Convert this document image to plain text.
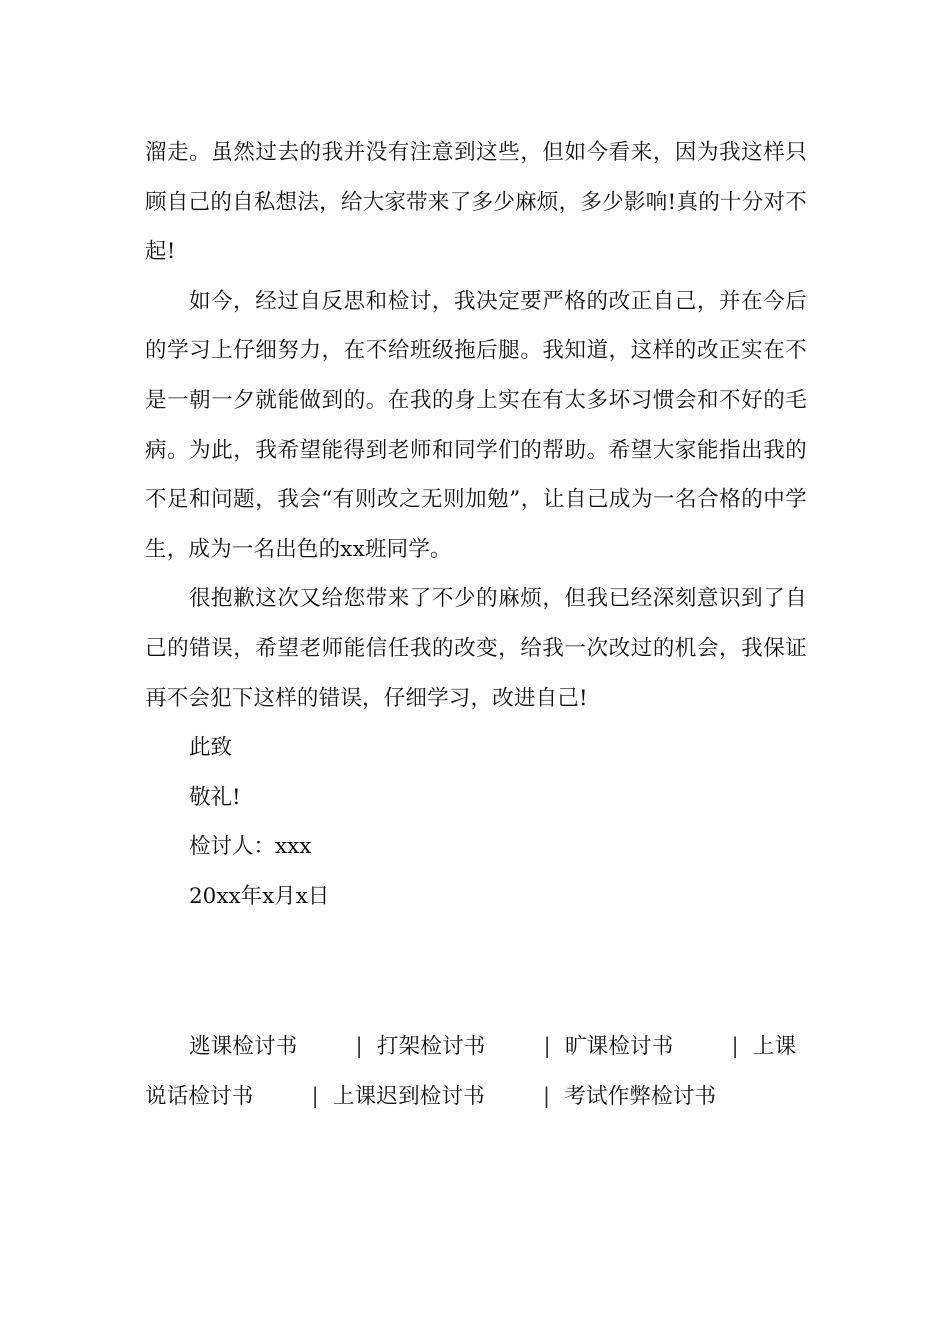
溜走。虽然过去的我并没有注意到这些，但如今看来，因为我这样只顾自己的自私想法，给大家带来了多少麻烦，多少影响!真的十分对不起!

如今，经过自反思和检讨，我决定要严格的改正自己，并在今后的学习上仔细努力，在不给班级拖后腿。我知道，这样的改正实在不是一朝一夕就能做到的。在我的身上实在有太多坏习惯会和不好的毛病。为此，我希望能得到老师和同学们的帮助。希望大家能指出我的不足和问题，我会“有则改之无则加勉”，让自己成为一名合格的中学生，成为一名出色的xx班同学。

很抱歉这次又给您带来了不少的麻烦，但我已经深刻意识到了自己的错误，希望老师能信任我的改变，给我一次改过的机会，我保证再不会犯下这样的错误，仔细学习，改进自己!

此致

敬礼!

检讨人：xxx

20xx年x月x日

逃课检讨书	| 打架检讨书	| 旷课检讨书	| 上课说话检讨书	| 上课迟到检讨书	| 考试作弊检讨书
